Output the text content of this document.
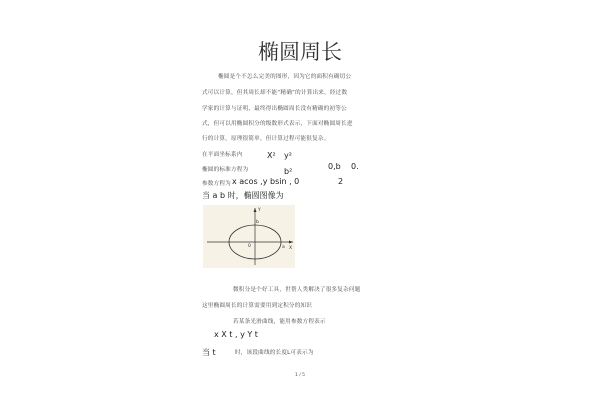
椭圆周长
椭圆是个不怎么完美的图形，因为它的面积有确切公
式可以计算，但其周长却不能“精确”的计算出来，经过数
学家的计算与证明，最终得出椭圆周长没有精确的初等公
式，但可以用椭圆积分的级数形式表示，下面对椭圆周长进
行的计算，原理很简单，但计算过程可能很复杂。
在平面坐标系内	X² y²
椭圆的标准方程为	0,b 0.
b²
参数方程为 x acos ,y bsin , 0	2
当 a b 时，椭圆图像为
Y
X
b
a
0
微积分是个好工具，世帮人类解决了很多复杂问题
这里椭圆周长的计算需要用到定积分的知识
若某条光滑曲线，能用参数方程表示
x X t , y Y t
当 t	时，该段曲线的长度L可表示为
1 / 5
